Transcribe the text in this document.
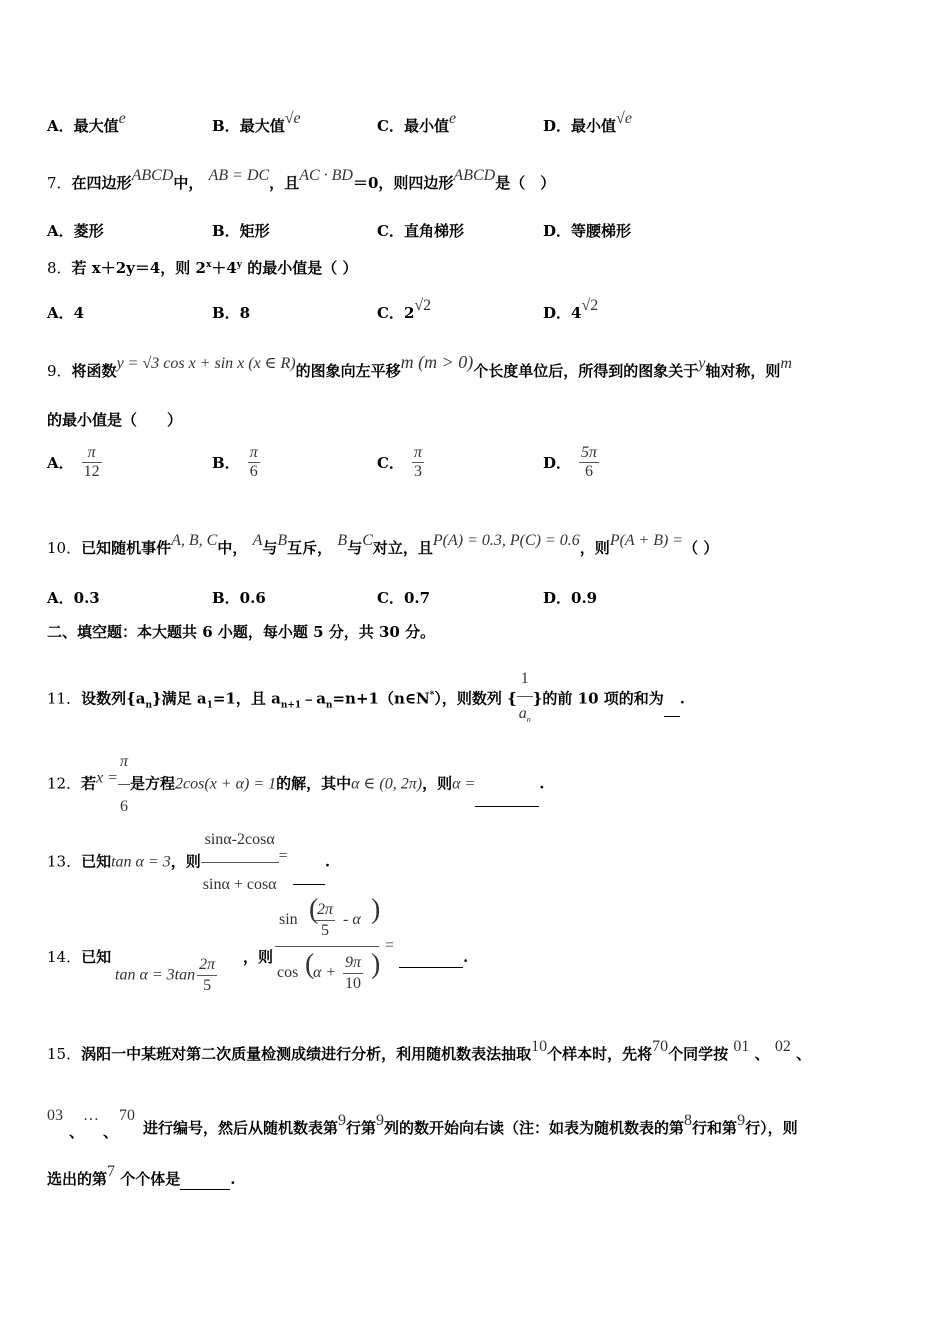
A．最大值e	B．最大值√e	C．最小值e	D．最小值√e
7．在四边形ABCD中， AB = DC，且AC · BD＝0，则四边形ABCD是（　）
A．菱形	B．矩形	C．直角梯形	D．等腰梯形
8．若 x＋2y＝4，则 $2^x+4^y$ 的最小值是（ ）
A．4	B．8	C．2√2	D．4√2
9．将函数y = √3 cos x + sin x (x ∈ R)的图象向左平移m (m > 0)个长度单位后，所得到的图象关于y轴对称，则m
的最小值是（　　）
A． $\frac{\pi}{12}$	B． $\frac{\pi}{6}$	C． $\frac{\pi}{3}$	D． $\frac{5\pi}{6}$
10．已知随机事件A, B, C中， A与B互斥， B与C对立，且P(A) = 0.3, P(C) = 0.6，则P(A + B) =（ ）
A．0.3	B．0.6	C．0.7	D．0.9
二、填空题：本大题共 6 小题，每小题 5 分，共 30 分。
11．设数列$\{a_n\}$满足 $a_1=1$，且 $a_{n+1}﹣a_n=n+1(n\in N^*)$，则数列 { $\frac{1}{a_n}$ }的前 10 项的和为 .
12．若$x = \frac{\pi}{6}$ 是方程2cos(x + α) = 1的解，其中α ∈ (0, 2π)，则α =	.
13．已知tan α = 3，则 $\frac{\sin\alpha-2\cos\alpha}{\sin\alpha + \cos\alpha}$ = .
14．已知
$\tan \alpha = 3\tan \frac{2\pi}{5}$ ，则
sin (
$\frac{2\pi}{5}$ - α )
cos (
$\alpha + \frac{9\pi}{10}$ )
=
.
15．涡阳一中某班对第二次质量检测成绩进行分析，利用随机数表法抽取10个样本时，先将70个同学按 01 、 02 、
03
、
…
、
70
进行编号，然后从随机数表第9行第9列的数开始向右读（注：如表为随机数表的第8行和第9行），则
选出的第7 个个体是	.
